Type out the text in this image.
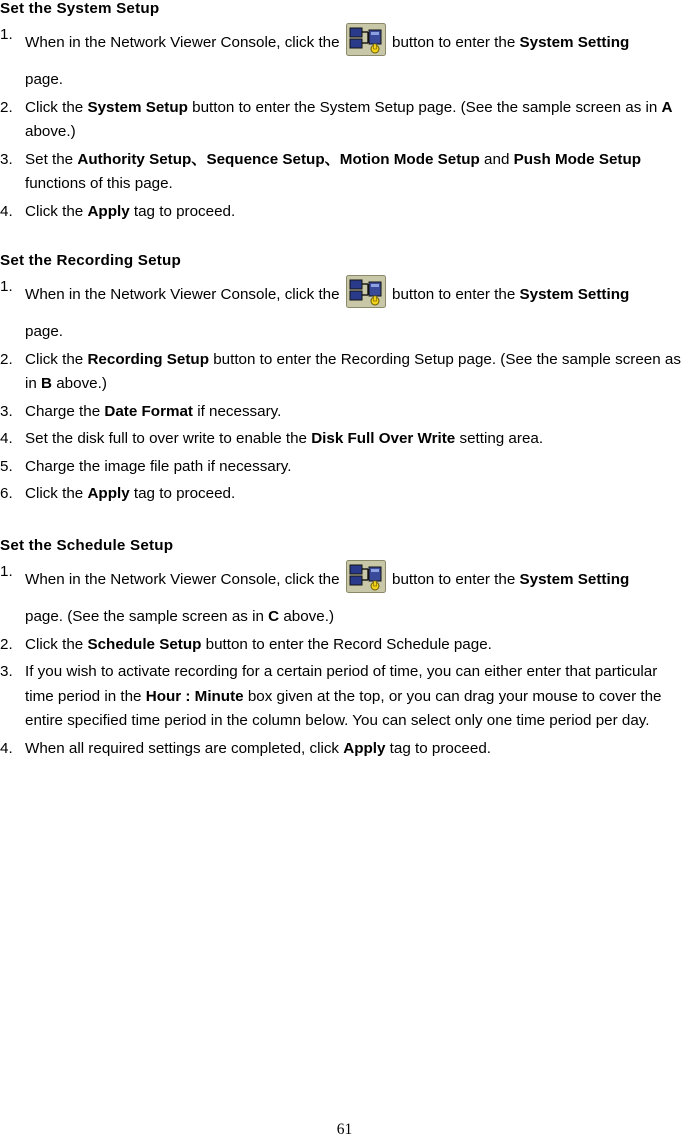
Set the System Setup
1. When in the Network Viewer Console, click the	button to enter the System Setting
page.
2. Click the System Setup button to enter the System Setup page. (See the sample screen as in A above.)
3. Set the Authority Setup、Sequence Setup、Motion Mode Setup and Push Mode Setup functions of this page.
4. Click the Apply tag to proceed.
Set the Recording Setup
1. When in the Network Viewer Console, click the	button to enter the System Setting
page.
2. Click the Recording Setup button to enter the Recording Setup page. (See the sample screen as in B above.)
3. Charge the Date Format if necessary.
4. Set the disk full to over write to enable the Disk Full Over Write setting area.
5. Charge the image file path if necessary.
6. Click the Apply tag to proceed.
Set the Schedule Setup
1. When in the Network Viewer Console, click the	button to enter the System Setting
page. (See the sample screen as in C above.)
2. Click the Schedule Setup button to enter the Record Schedule page.
3. If you wish to activate recording for a certain period of time, you can either enter that particular time period in the Hour : Minute box given at the top, or you can drag your mouse to cover the entire specified time period in the column below. You can select only one time period per day.
4. When all required settings are completed, click Apply tag to proceed.
61
